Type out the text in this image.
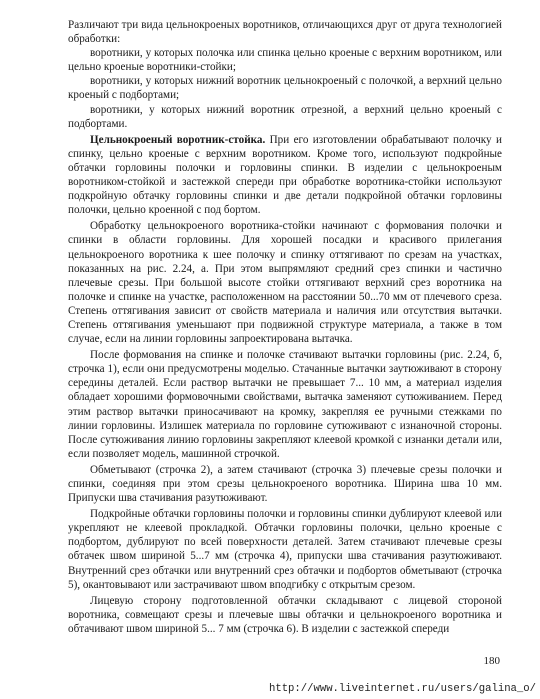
Различают три вида цельнокроеных воротников, отличающихся друг от друга технологией обработки:

воротники, у которых полочка или спинка цельно кроеные с верхним воротником, или цельно кроеные воротники-стойки;

воротники, у которых нижний воротник цельнокроеный с полочкой, а верхний цельно кроеный с подбортами;

воротники, у которых нижний воротник отрезной, а верхний цельно кроеный с подбортами.

Цельнокроеный воротник-стойка. При его изготовлении обрабатывают полочку и спинку, цельно кроеные с верхним воротником. Кроме того, используют подкройные обтачки горловины полочки и горловины спинки. В изделии с цельнокроеным воротником-стойкой и застежкой спереди при обработке воротника-стойки используют подкройную обтачку горловины спинки и две детали подкройной обтачки горловины полочки, цельно кроенной с под бортом.

Обработку цельнокроеного воротника-стойки начинают с формования полочки и спинки в области горловины. Для хорошей посадки и красивого прилегания цельнокроеного воротника к шее полочку и спинку оттягивают по срезам на участках, показанных на рис. 2.24, а. При этом выпрямляют средний срез спинки и частично плечевые срезы. При большой высоте стойки оттягивают верхний срез воротника на полочке и спинке на участке, расположенном на расстоянии 50...70 мм от плечевого среза. Степень оттягивания зависит от свойств материала и наличия или отсутствия вытачки. Степень оттягивания уменьшают при подвижной структуре материала, а также в том случае, если на линии горловины запроектирована вытачка.

После формования на спинке и полочке стачивают вытачки горловины (рис. 2.24, б, строчка 1), если они предусмотрены моделью. Стачанные вытачки заутюживают в сторону середины деталей. Если раствор вытачки не превышает 7... 10 мм, а материал изделия обладает хорошими формовочными свойствами, вытачка заменяют сутюживанием. Перед этим раствор вытачки приносачивают на кромку, закрепляя ее ручными стежками по линии горловины. Излишек материала по горловине сутюживают с изнаночной стороны. После сутюживания линию горловины закрепляют клеевой кромкой с изнанки детали или, если позволяет модель, машинной строчкой.

Обметывают (строчка 2), а затем стачивают (строчка 3) плечевые срезы полочки и спинки, соединяя при этом срезы цельнокроеного воротника. Ширина шва 10 мм. Припуски шва стачивания разутюживают.

Подкройные обтачки горловины полочки и горловины спинки дублируют клеевой или укрепляют не клеевой прокладкой. Обтачки горловины полочки, цельно кроеные с подбортом, дублируют по всей поверхности деталей. Затем стачивают плечевые срезы обтачек швом шириной 5...7 мм (строчка 4), припуски шва стачивания разутюживают. Внутренний срез обтачки или внутренний срез обтачки и подбортов обметывают (строчка 5), окантовывают или застрачивают швом вподгибку с открытым срезом.

Лицевую сторону подготовленной обтачки складывают с лицевой стороной воротника, совмещают срезы и плечевые швы обтачки и цельнокроеного воротника и обтачивают швом шириной 5... 7 мм (строчка 6). В изделии с застежкой спереди

180
http://www.liveinternet.ru/users/galina_o/
